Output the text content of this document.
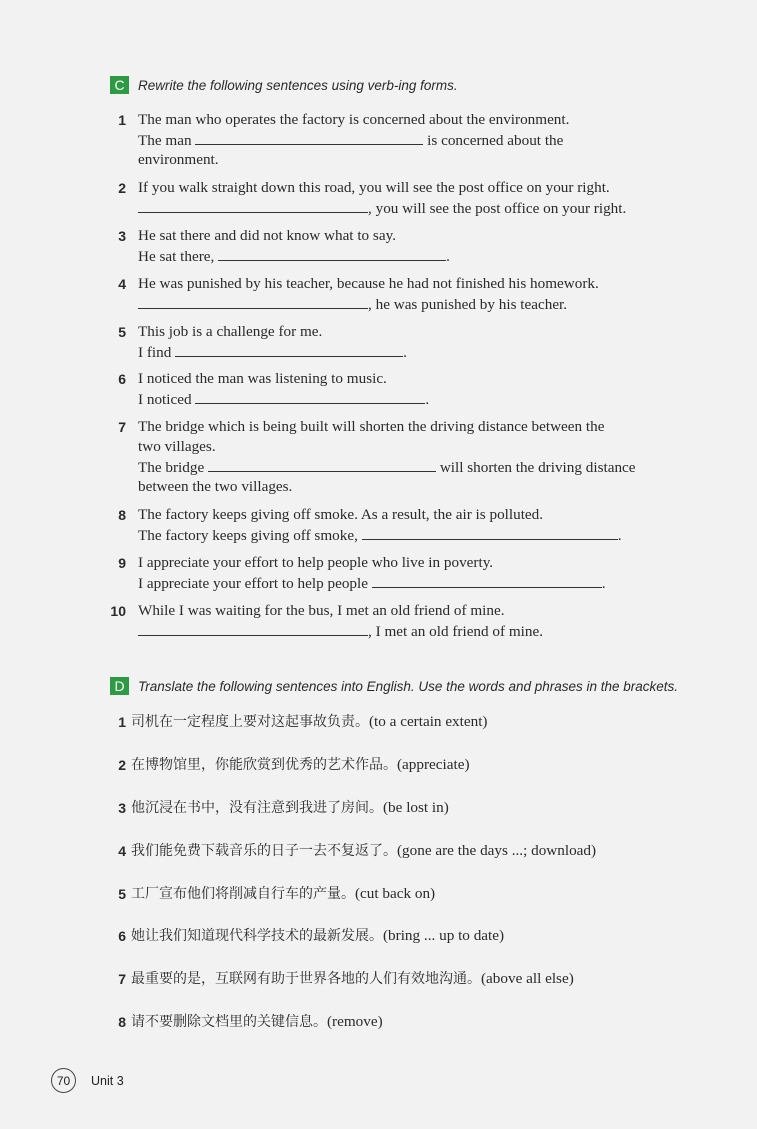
C Rewrite the following sentences using verb-ing forms.
1 The man who operates the factory is concerned about the environment.
The man	is concerned about the
environment.
2 If you walk straight down this road, you will see the post office on your right.
, you will see the post office on your right.
3 He sat there and did not know what to say.
He sat there,	.
4 He was punished by his teacher, because he had not finished his homework.
, he was punished by his teacher.
5 This job is a challenge for me.
I find	.
6 I noticed the man was listening to music.
I noticed	.
7 The bridge which is being built will shorten the driving distance between the
two villages.
The bridge	will shorten the driving distance
between the two villages.
8 The factory keeps giving off smoke. As a result, the air is polluted.
The factory keeps giving off smoke,	.
9 I appreciate your effort to help people who live in poverty.
I appreciate your effort to help people	.
10 While I was waiting for the bus, I met an old friend of mine.
, I met an old friend of mine.
D Translate the following sentences into English. Use the words and phrases in the brackets.
1 司机在一定程度上要对这起事故负责。(to a certain extent)
2 在博物馆里，你能欣赏到优秀的艺术作品。(appreciate)
3 他沉浸在书中，没有注意到我进了房间。(be lost in)
4 我们能免费下载音乐的日子一去不复返了。(gone are the days ...; download)
5 工厂宣布他们将削减自行车的产量。(cut back on)
6 她让我们知道现代科学技术的最新发展。(bring ... up to date)
7 最重要的是，互联网有助于世界各地的人们有效地沟通。(above all else)
8 请不要删除文档里的关键信息。(remove)
70	Unit 3
